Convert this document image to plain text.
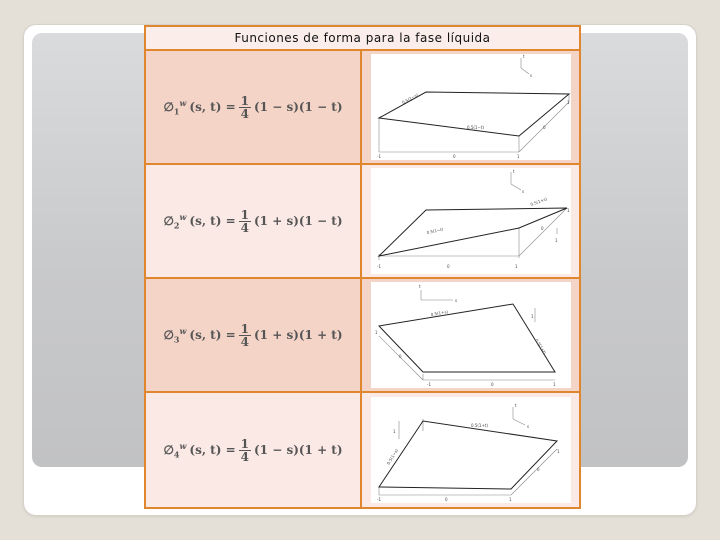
Funciones de forma para la fase líquida
$\emptyset_1^w$ (s, $t) = \frac{1}{4} (1 - s)(1 - t)$
t
s
-1	0	1
0
1
0.5(1−s)
0.5(1−t)
$\emptyset_2^w$ (s, $t) = \frac{1}{4} (1 + s)(1 - t)$
t
s
-1	0	1
0
1
1
0.5(1+s)
0.5(1−t)
$\emptyset_3^w$ (s, $t) = \frac{1}{4} (1 + s)(1 + t)$
t
s
-1	0	1
1
0
1
0.5(1+s)
0.5(1+t)
$\emptyset_4^w$ (s, $t) = \frac{1}{4} (1 - s)(1 + t)$
t
s
-1	0	1
0
1
1
0.5(1+t)
0.5(1−s)
